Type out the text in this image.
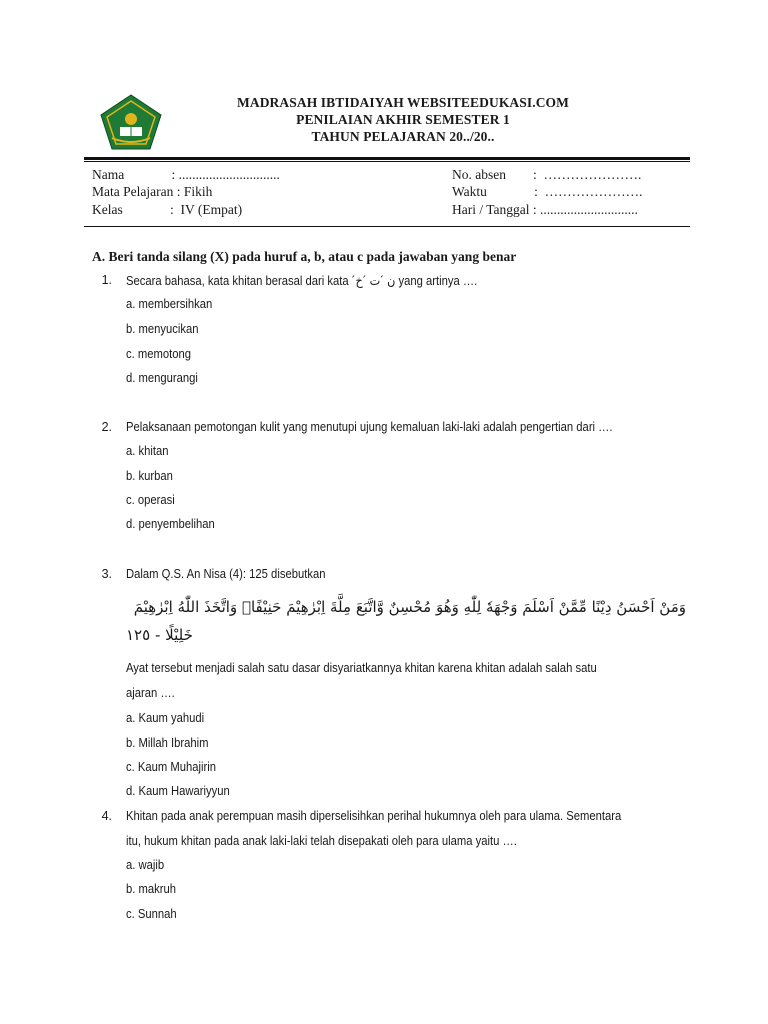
MADRASAH IBTIDAIYAH WEBSITEEDUKASI.COM
PENILAIAN AKHIR SEMESTER 1
TAHUN PELAJARAN 20../20..
Nama              : ..............................
Mata Pelajaran : Fikih
Kelas              :  IV (Empat)
No. absen        :  ………………….
Waktu              :  ………………….
Hari / Tanggal : .............................
A. Beri tanda silang (X) pada huruf a, b, atau c pada jawaban yang benar
1. Secara bahasa, kata khitan berasal dari kata ´ن ´ت ´خ yang artinya ….
a. membersihkan
b. menyucikan
c. memotong
d. mengurangi
2. Pelaksanaan pemotongan kulit yang menutupi ujung kemaluan laki-laki adalah pengertian dari ….
a. khitan
b. kurban
c. operasi
d. penyembelihan
3. Dalam Q.S. An Nisa (4): 125 disebutkan
وَمَنْ اَحْسَنُ دِيْنًا مِّمَّنْ اَسْلَمَ وَجْهَهٗ لِلّٰهِ وَهُوَ مُحْسِنٌ وَّاتَّبَعَ مِلَّةَ اِبْرٰهِيْمَ حَنِيْفًاۗ وَاتَّخَذَ اللّٰهُ اِبْرٰهِيْمَ
خَلِيْلًا - ١٢٥
Ayat tersebut menjadi salah satu dasar disyariatkannya khitan karena khitan adalah salah satu
ajaran ….
a. Kaum yahudi
b. Millah Ibrahim
c. Kaum Muhajirin
d. Kaum Hawariyyun
4. Khitan pada anak perempuan masih diperselisihkan perihal hukumnya oleh para ulama. Sementara
itu, hukum khitan pada anak laki-laki telah disepakati oleh para ulama yaitu ….
a. wajib
b. makruh
c. Sunnah
